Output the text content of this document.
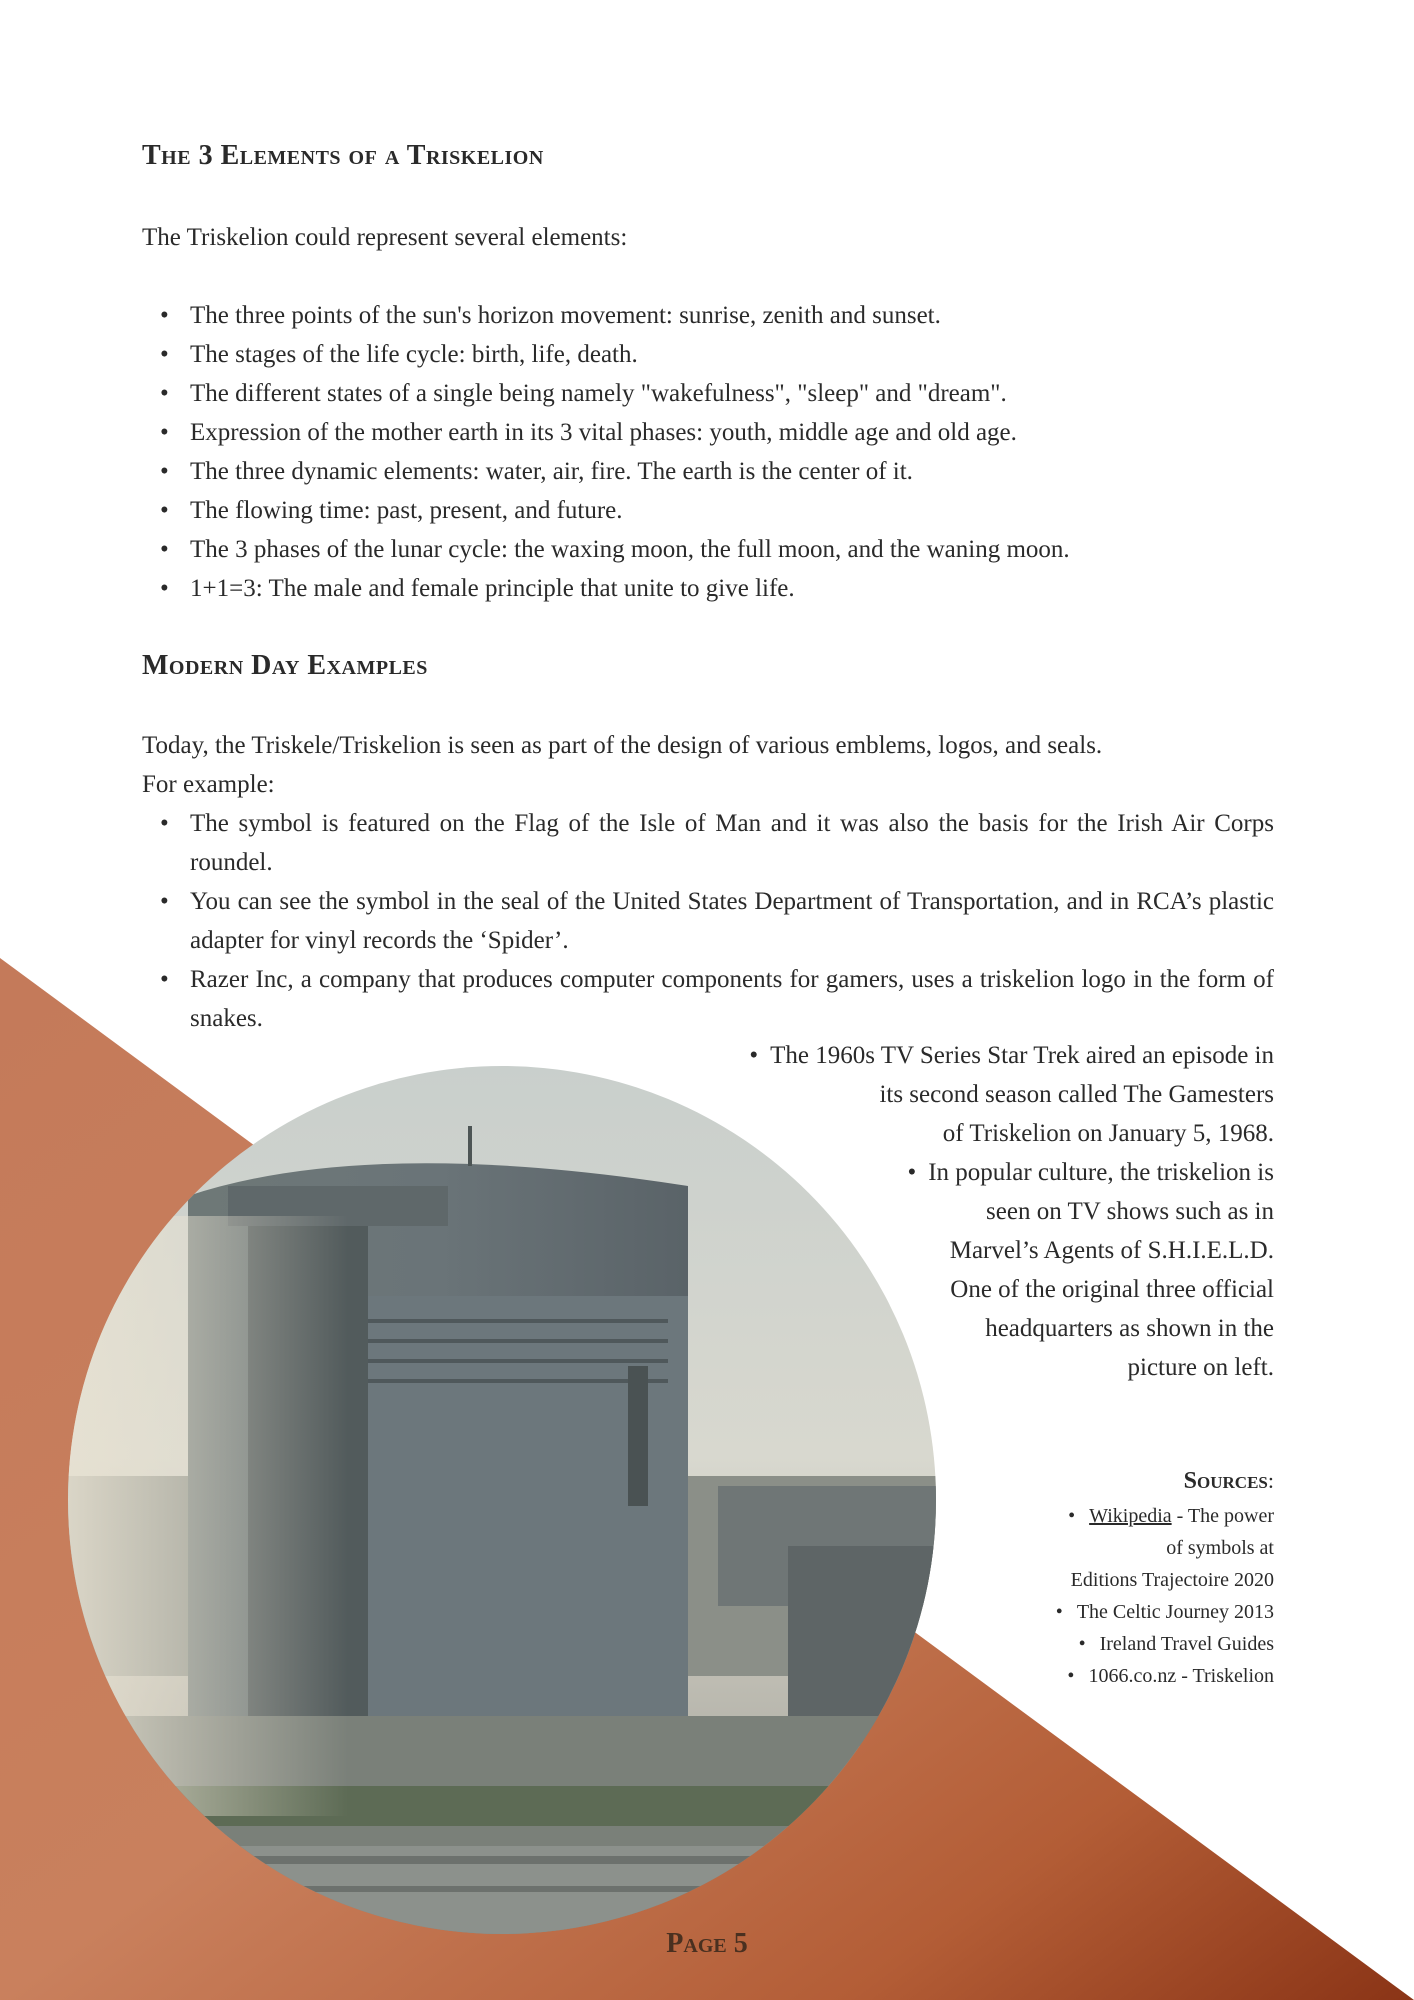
The 3 Elements of a Triskelion

The Triskelion could represent several elements:

• The three points of the sun's horizon movement: sunrise, zenith and sunset.
• The stages of the life cycle: birth, life, death.
• The different states of a single being namely "wakefulness", "sleep" and "dream".
• Expression of the mother earth in its 3 vital phases: youth, middle age and old age.
• The three dynamic elements: water, air, fire. The earth is the center of it.
• The flowing time: past, present, and future.
• The 3 phases of the lunar cycle: the waxing moon, the full moon, and the waning moon.
• 1+1=3: The male and female principle that unite to give life.
Modern Day Examples

Today, the Triskele/Triskelion is seen as part of the design of various emblems, logos, and seals.

For example:

• The symbol is featured on the Flag of the Isle of Man and it was also the basis for the Irish Air Corps roundel.
• You can see the symbol in the seal of the United States Department of Transportation, and in RCA’s plastic adapter for vinyl records the ‘Spider’.
• Razer Inc, a company that produces computer components for gamers, uses a triskelion logo in the form of snakes.
• The 1960s TV Series Star Trek aired an episode in
its second season called The Gamesters
of Triskelion on January 5, 1968.
• In popular culture, the triskelion is
seen on TV shows such as in
Marvel’s Agents of S.H.I.E.L.D.
One of the original three official
headquarters as shown in the
picture on left.

Sources:

• Wikipedia - The power
of symbols at
Editions Trajectoire 2020
• The Celtic Journey 2013
• Ireland Travel Guides
• 1066.co.nz - Triskelion
Page 5
